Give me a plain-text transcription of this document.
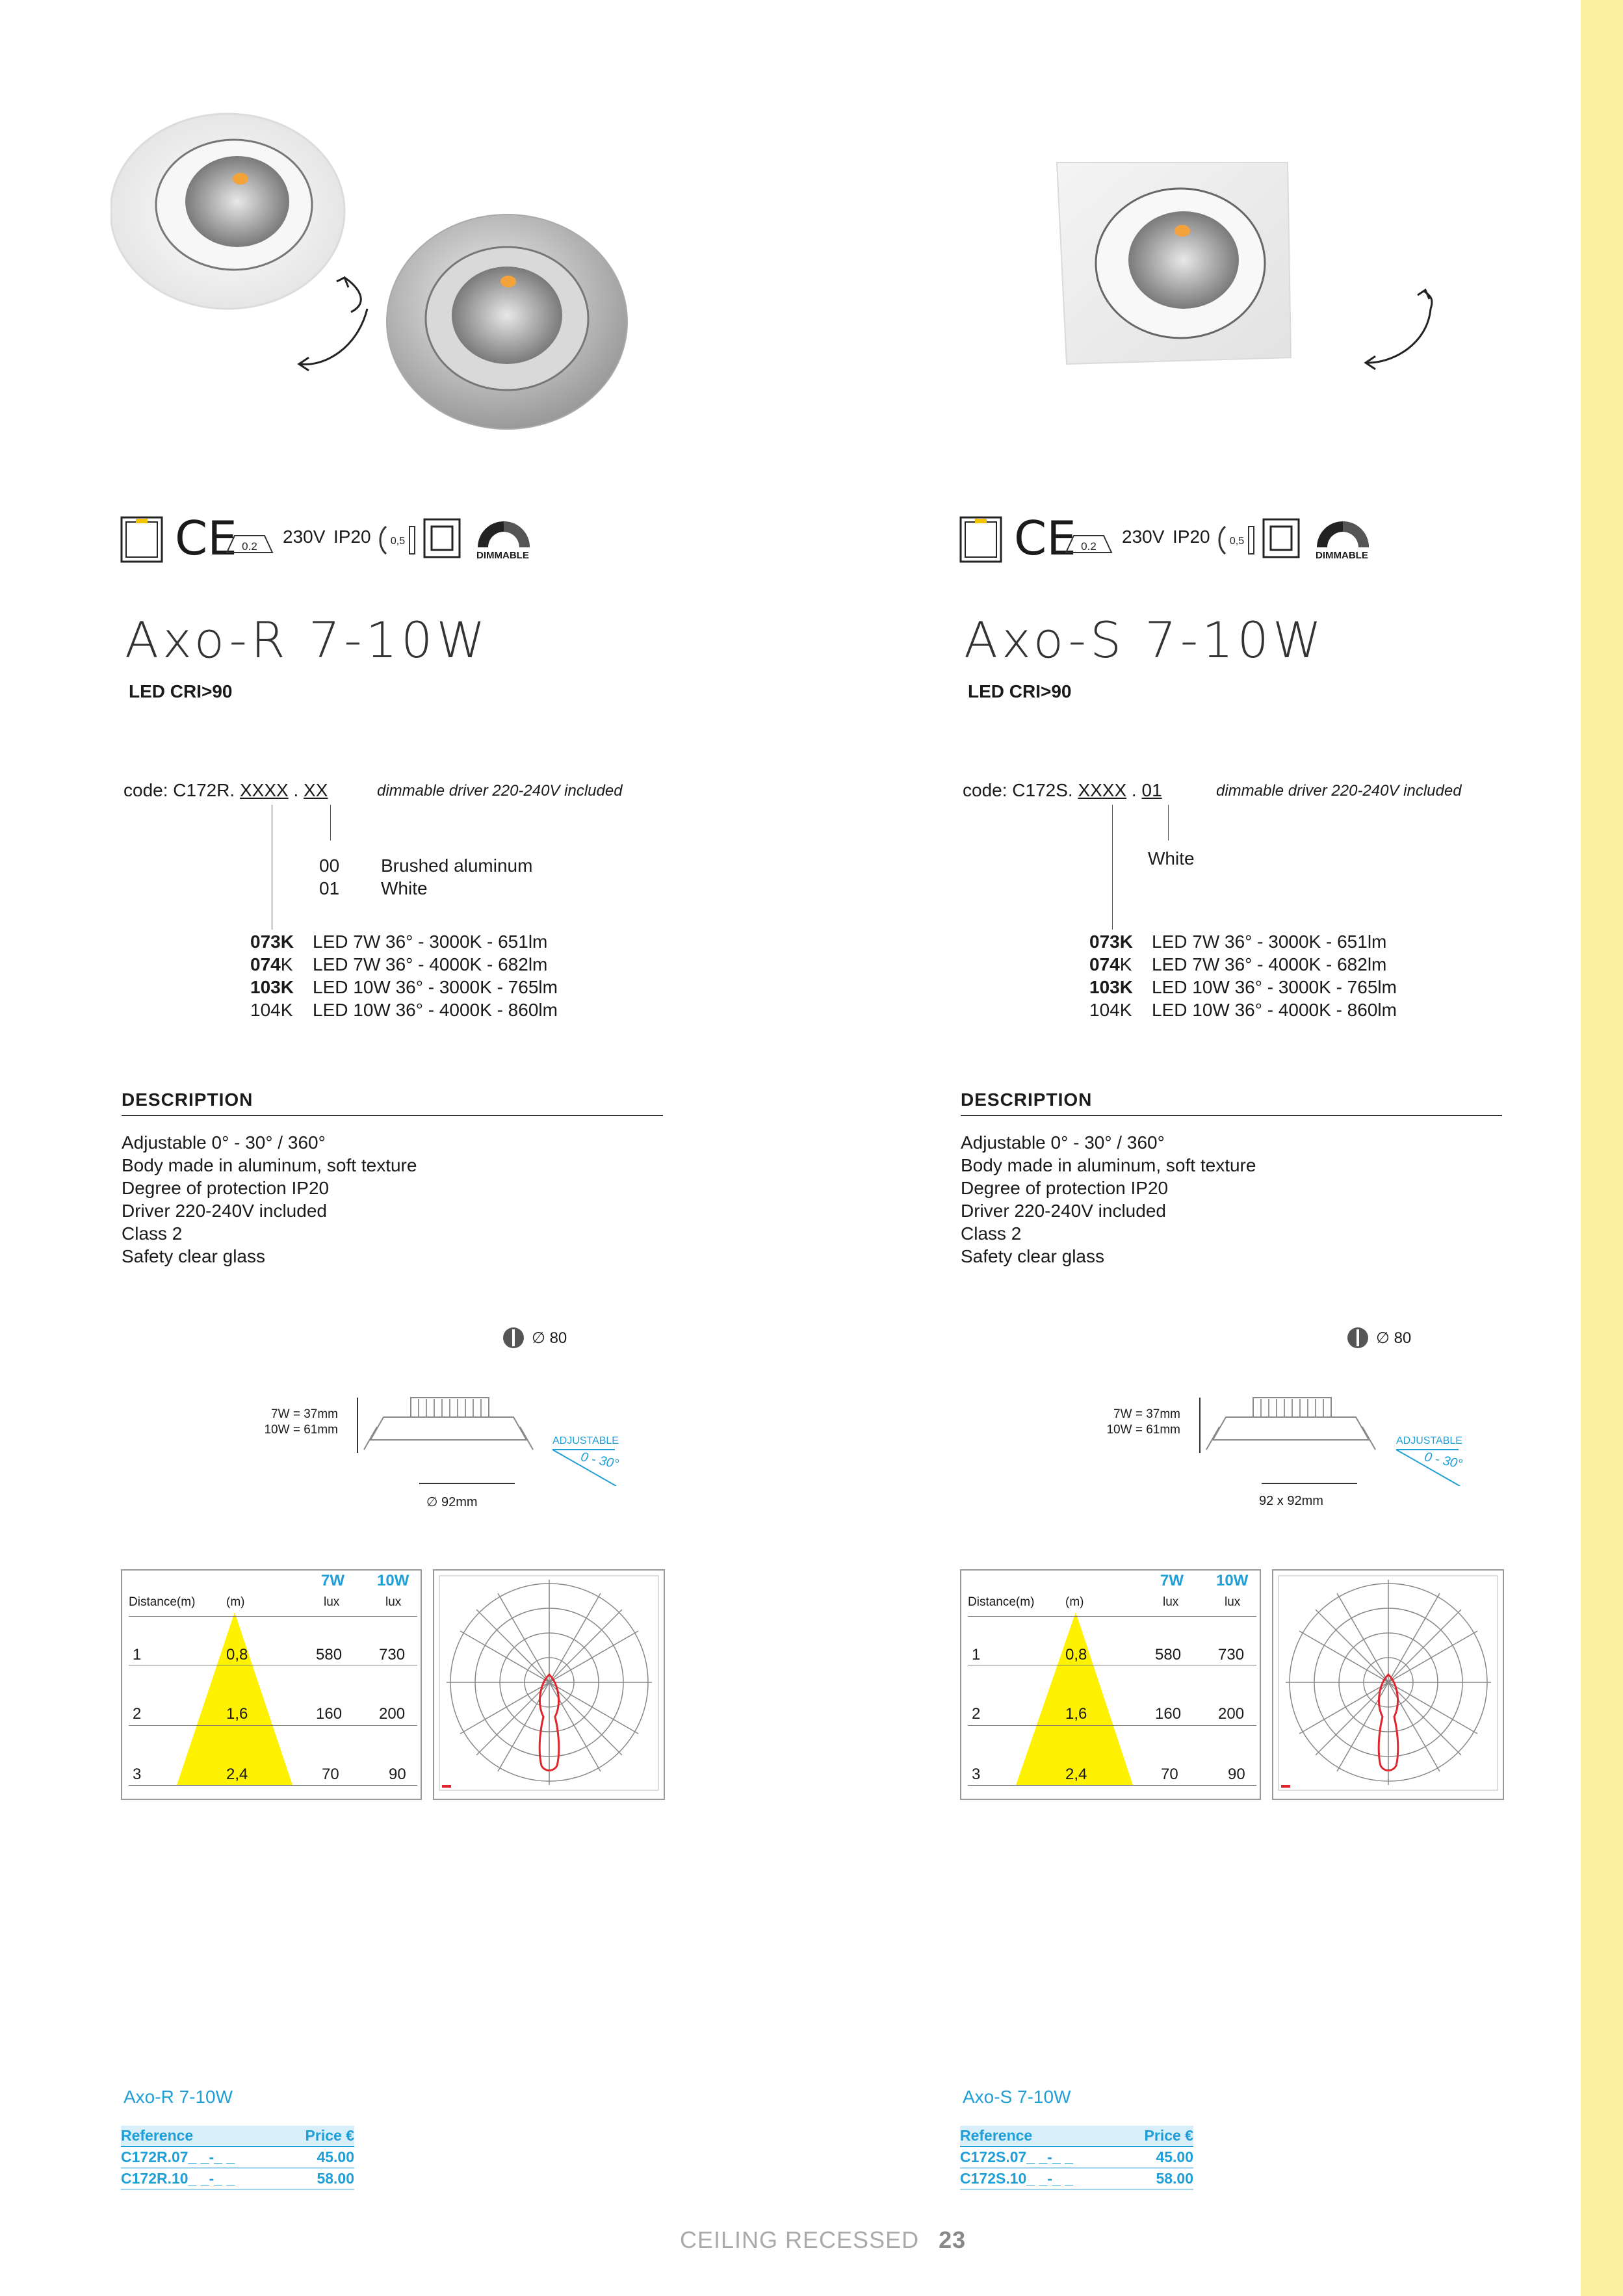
CE 0.2 230V IP20 0,5
DIMMABLE
Axo-R 7-10W
LED CRI>90
code: C172R. XXXX . XX	dimmable driver 220-240V included
00 Brushed aluminum
01 White
073K LED 7W 36° - 3000K - 651lm
074K LED 7W 36° - 4000K - 682lm
103K LED 10W 36° - 3000K - 765lm
104K LED 10W 36° - 4000K - 860lm
DESCRIPTION
Adjustable 0° - 30° / 360°
Body made in aluminum, soft texture
Degree of protection IP20
Driver 220-240V included
Class 2
Safety clear glass
∅ 80
7W = 37mm
10W = 61mm
ADJUSTABLE
0 - 30°
∅ 92mm
7W 10W
Distance(m)	(m)	lux	lux
1	0,8	580 730
2	1,6	160 200
3	2,4	70	90
Axo-R 7-10W
Reference	Price €
C172R.07_ _-_ _	45.00
C172R.10_ _-_ _	58.00
CE 0.2 230V IP20 0,5
DIMMABLE
Axo-S 7-10W
LED CRI>90
code: C172S. XXXX . 01	dimmable driver 220-240V included
White
073K LED 7W 36° - 3000K - 651lm
074K LED 7W 36° - 4000K - 682lm
103K LED 10W 36° - 3000K - 765lm
104K LED 10W 36° - 4000K - 860lm
DESCRIPTION
Adjustable 0° - 30° / 360°
Body made in aluminum, soft texture
Degree of protection IP20
Driver 220-240V included
Class 2
Safety clear glass
∅ 80
7W = 37mm
10W = 61mm
ADJUSTABLE
0 - 30°
92 x 92mm
7W 10W
Distance(m)	(m)	lux	lux
1	0,8	580 730
2	1,6	160 200
3	2,4	70	90
Axo-S 7-10W
Reference	Price €
C172S.07_ _-_ _	45.00
C172S.10_ _-_ _	58.00
CEILING RECESSED 23
